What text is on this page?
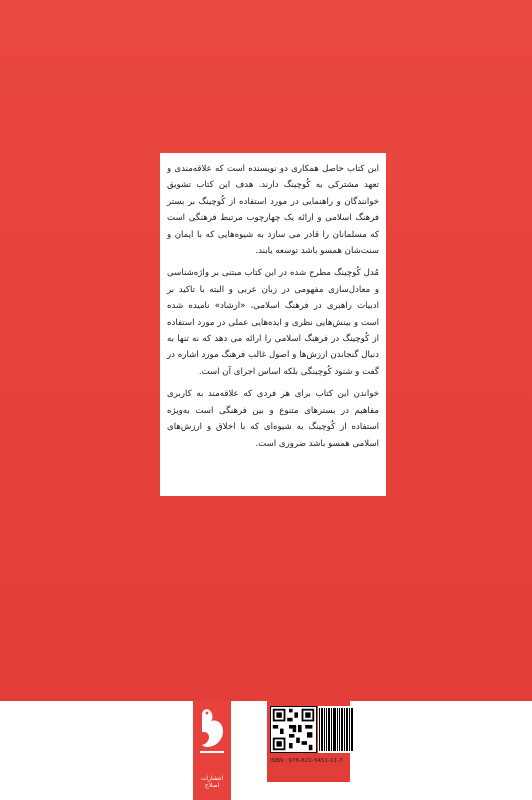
این کتاب حاصل همکاری دو نویسنده است که علاقه‌مندی و تعهد مشترکی به کُوچینگ دارند. هدف این کتاب تشویق خوانندگان و راهنمایی در مورد استفاده از کُوچینگ بر بستر فرهنگ اسلامی و ارائه یک چهارچوب مرتبط فرهنگی است که مسلمانان را قادر می سازد به شیوه‌هایی که با ایمان و سنت‌شان همسو باشد توسعه یابند.

مُدل کُوچینگ مطرح شده در این کتاب مبتنی بر واژه‌شناسی و معادل‌سازی مفهومی در زبان عربی و البته با تاکید بر ادبیات راهبری در فرهنگ اسلامی، «ارشاد» نامیده شده است و بینش‌هایی نظری و ایده‌هایی عملی در مورد استفاده از کُوچینگ در فرهنگ اسلامی را ارائه می دهد که نه تنها به دنبال گنجاندن ارزش‌ها و اصول غالب فرهنگ مورد اشاره در گفت و شنود کُوچینگی بلکه اساس اجرای آن است.

خواندن این کتاب برای هر فردی که علاقه‌مند به کاربری مفاهیم در بسترهای متنوع و بین فرهنگی است به‌ویژه استفاده از کُوچینگ به شیوه‌ای که با اخلاق و ارزش‌های اسلامی همسو باشد ضروری است.

انتشارات اصلاح
ISBN : 978-622-5451-11-7
